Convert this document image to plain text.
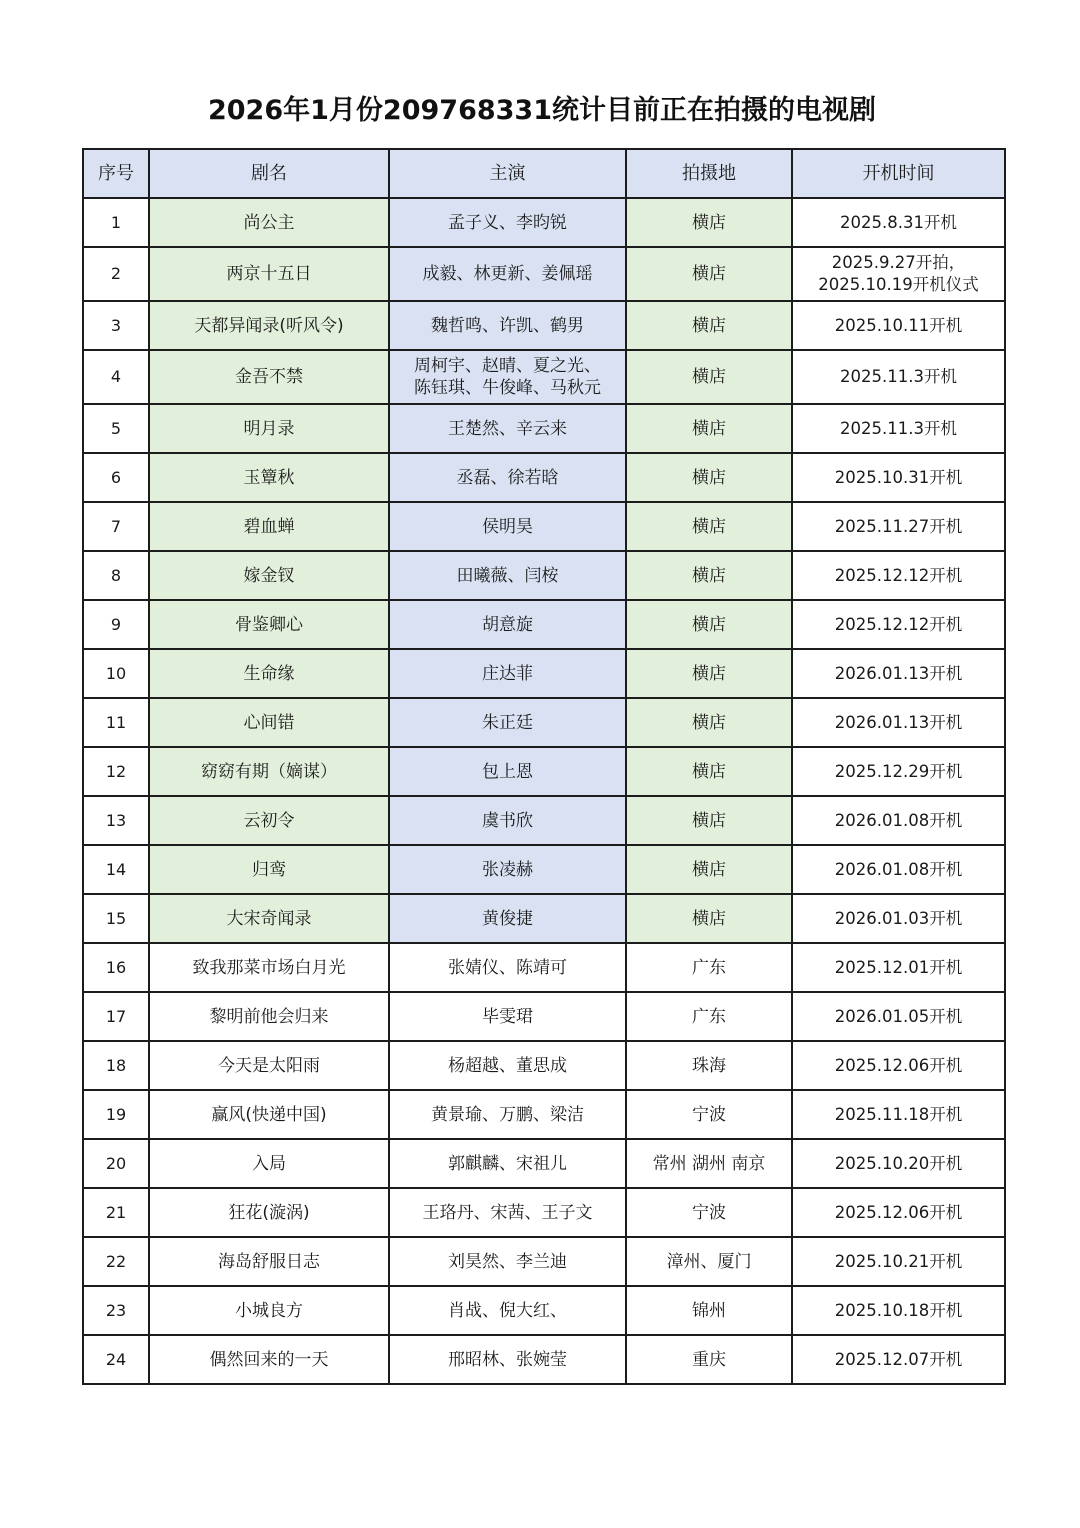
2026年1月份209768331统计目前正在拍摄的电视剧
序号	剧名	主演	拍摄地	开机时间
1	尚公主	孟子义、李昀锐	横店	2025.8.31开机
2	两京十五日	成毅、林更新、姜佩瑶	横店	2025.9.27开拍，
2025.10.19开机仪式
3	天都异闻录(听风令)	魏哲鸣、许凯、鹤男	横店	2025.10.11开机
4	金吾不禁	周柯宇、赵晴、夏之光、
陈钰琪、牛俊峰、马秋元	横店	2025.11.3开机
5	明月录	王楚然、辛云来	横店	2025.11.3开机
6	玉簟秋	丞磊、徐若晗	横店	2025.10.31开机
7	碧血蝉	侯明昊	横店	2025.11.27开机
8	嫁金钗	田曦薇、闫桉	横店	2025.12.12开机
9	骨鉴卿心	胡意旋	横店	2025.12.12开机
10	生命缘	庄达菲	横店	2026.01.13开机
11	心间错	朱正廷	横店	2026.01.13开机
12	窈窈有期（嫡谋）	包上恩	横店	2025.12.29开机
13	云初令	虞书欣	横店	2026.01.08开机
14	归鸾	张凌赫	横店	2026.01.08开机
15	大宋奇闻录	黄俊捷	横店	2026.01.03开机
16	致我那菜市场白月光	张婧仪、陈靖可	广东	2025.12.01开机
17	黎明前他会归来	毕雯珺	广东	2026.01.05开机
18	今天是太阳雨	杨超越、董思成	珠海	2025.12.06开机
19	赢风(快递中国)	黄景瑜、万鹏、梁洁	宁波	2025.11.18开机
20	入局	郭麒麟、宋祖儿	常州 湖州 南京	2025.10.20开机
21	狂花(漩涡)	王珞丹、宋茜、王子文	宁波	2025.12.06开机
22	海岛舒服日志	刘昊然、李兰迪	漳州、厦门	2025.10.21开机
23	小城良方	肖战、倪大红、	锦州	2025.10.18开机
24	偶然回来的一天	邢昭林、张婉莹	重庆	2025.12.07开机
